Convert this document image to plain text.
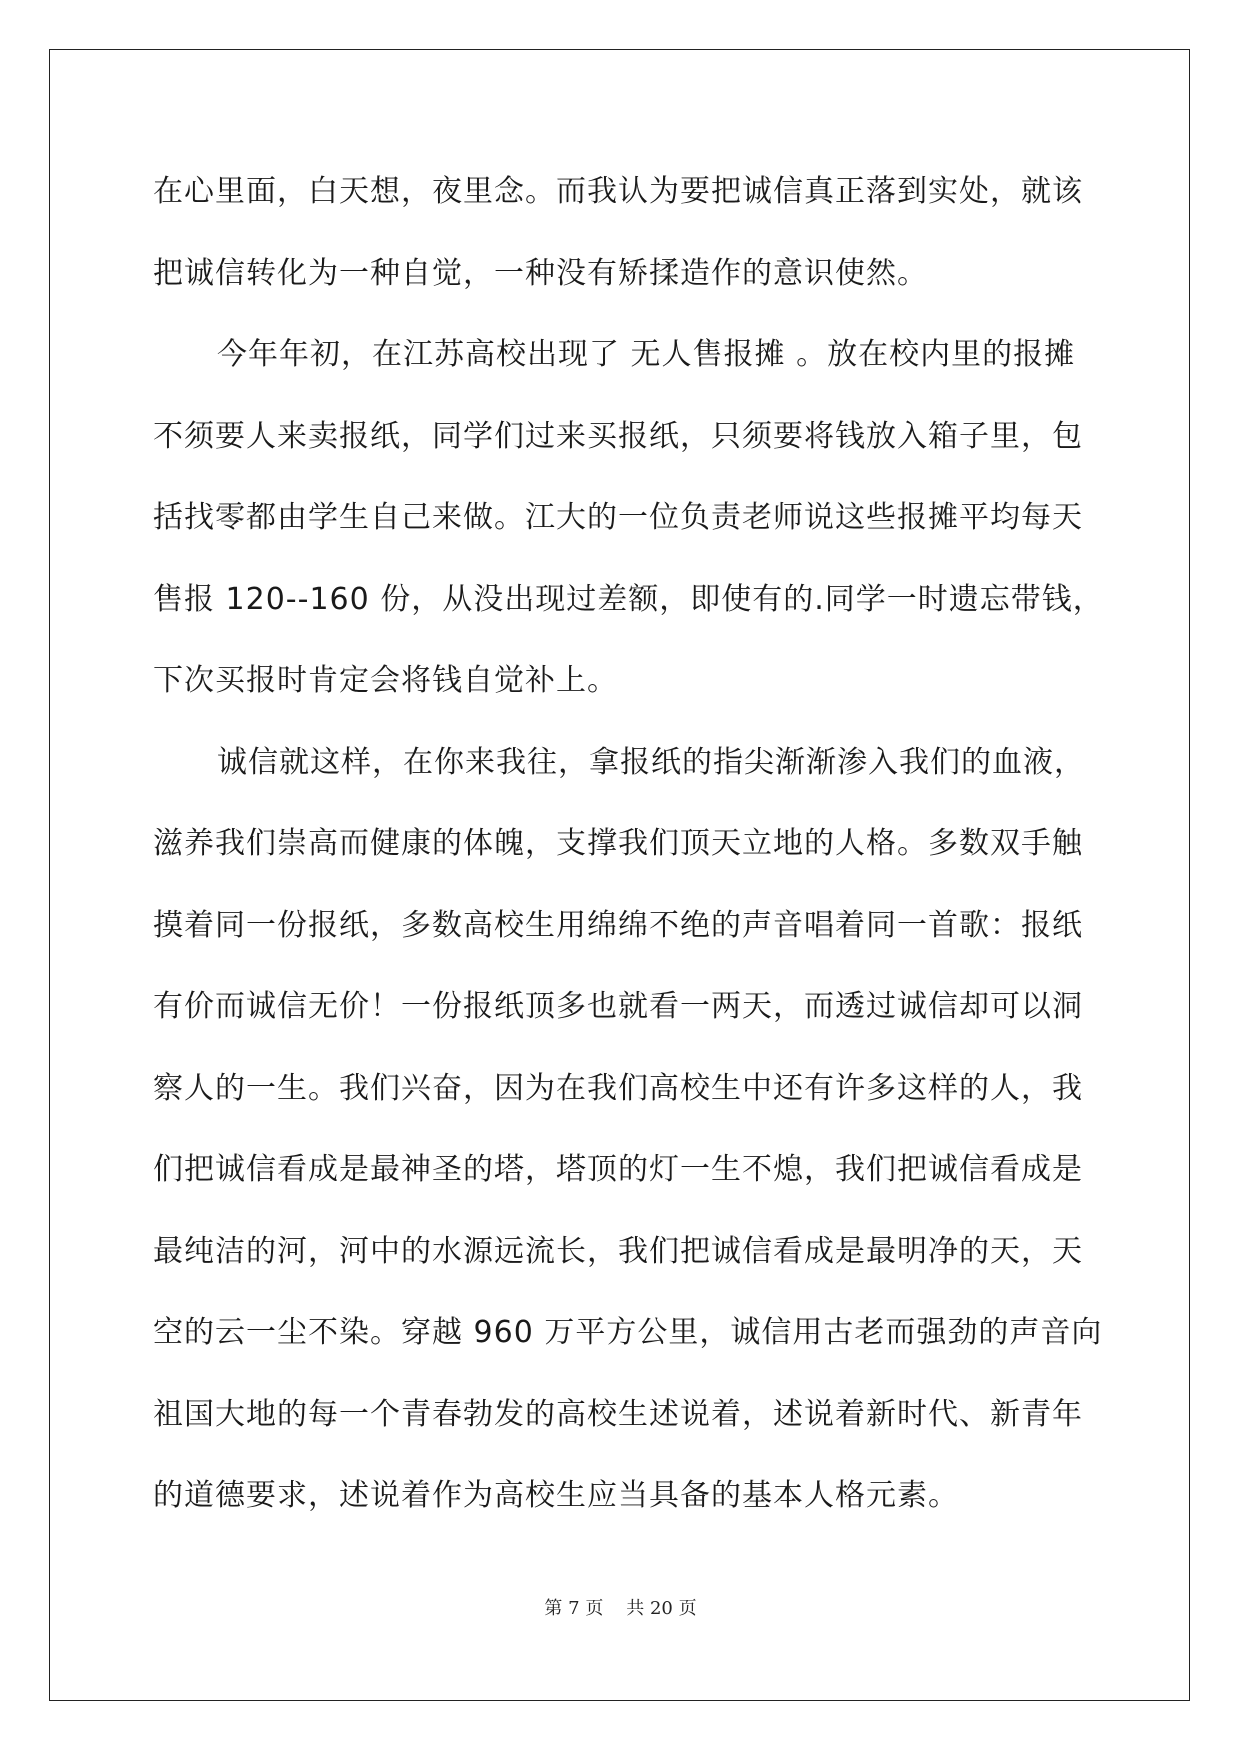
在心里面，白天想，夜里念。而我认为要把诚信真正落到实处，就该
把诚信转化为一种自觉，一种没有矫揉造作的意识使然。
今年年初，在江苏高校出现了 无人售报摊 。放在校内里的报摊
不须要人来卖报纸，同学们过来买报纸，只须要将钱放入箱子里，包
括找零都由学生自己来做。江大的一位负责老师说这些报摊平均每天
售报 120--160 份，从没出现过差额，即使有的.同学一时遗忘带钱，
下次买报时肯定会将钱自觉补上。
诚信就这样，在你来我往，拿报纸的指尖渐渐渗入我们的血液，
滋养我们崇高而健康的体魄，支撑我们顶天立地的人格。多数双手触
摸着同一份报纸，多数高校生用绵绵不绝的声音唱着同一首歌：报纸
有价而诚信无价！一份报纸顶多也就看一两天，而透过诚信却可以洞
察人的一生。我们兴奋，因为在我们高校生中还有许多这样的人，我
们把诚信看成是最神圣的塔，塔顶的灯一生不熄，我们把诚信看成是
最纯洁的河，河中的水源远流长，我们把诚信看成是最明净的天，天
空的云一尘不染。穿越 960 万平方公里，诚信用古老而强劲的声音向
祖国大地的每一个青春勃发的高校生述说着，述说着新时代、新青年
的道德要求，述说着作为高校生应当具备的基本人格元素。
第 7 页 共 20 页
